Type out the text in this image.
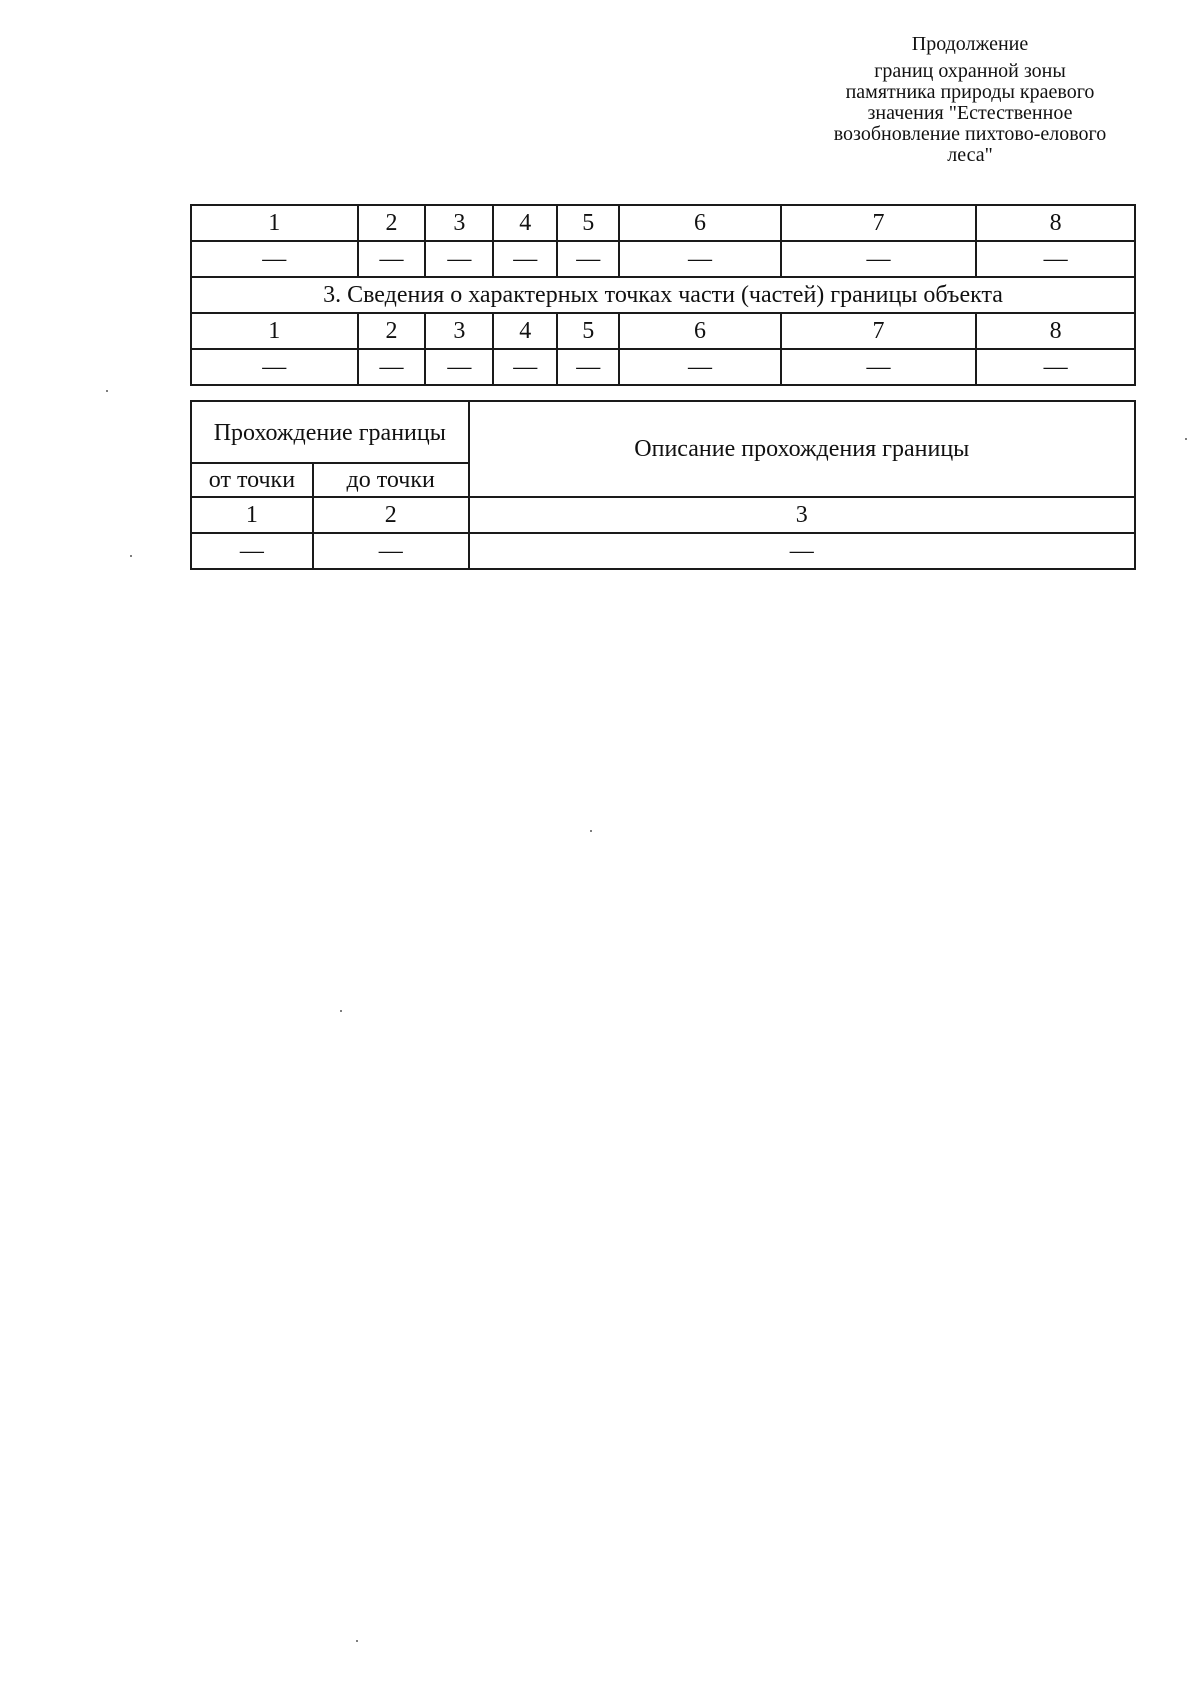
Продолжение
границ охранной зоны
памятника природы краевого
значения "Естественное
возобновление пихтово-елового
леса"
1	2	3	4	5	6	7	8
—	—	—	—	—	—	—	—
3. Сведения о характерных точках части (частей) границы объекта							
1	2	3	4	5	6	7	8
—	—	—	—	—	—	—	—
Прохождение границы		Описание прохождения границы
от точки	до точки	
1	2	3
—	—	—
